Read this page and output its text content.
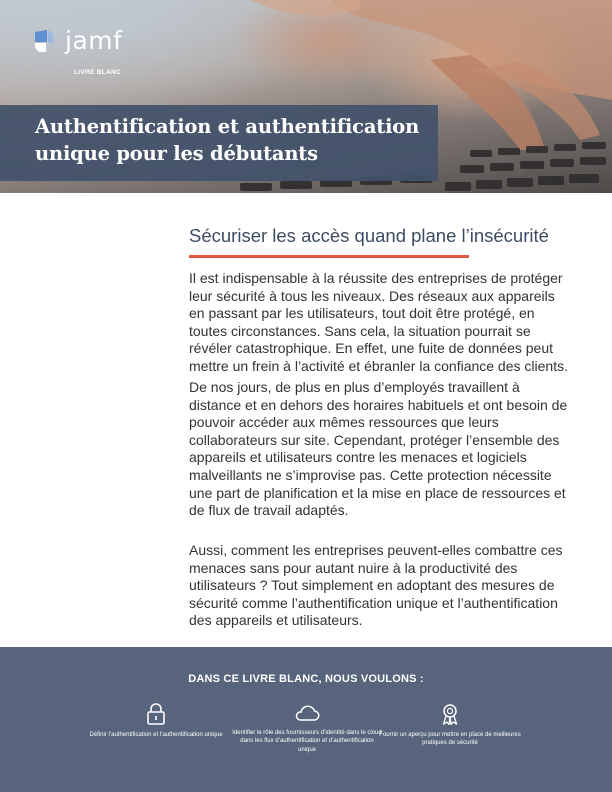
jamf
LIVRE BLANC
Authentification et authentification
unique pour les débutants
Sécuriser les accès quand plane l’insécurité

Il est indispensable à la réussite des entreprises de protéger leur sécurité à tous les niveaux. Des réseaux aux appareils en passant par les utilisateurs, tout doit être protégé, en toutes circonstances. Sans cela, la situation pourrait se révéler catastrophique. En effet, une fuite de données peut mettre un frein à l’activité et ébranler la confiance des clients.

De nos jours, de plus en plus d’employés travaillent à distance et en dehors des horaires habituels et ont besoin de pouvoir accéder aux mêmes ressources que leurs collaborateurs sur site. Cependant, protéger l’ensemble des appareils et utilisateurs contre les menaces et logiciels malveillants ne s’improvise pas. Cette protection nécessite une part de planification et la mise en place de ressources et de flux de travail adaptés.

Aussi, comment les entreprises peuvent-elles combattre ces menaces sans pour autant nuire à la productivité des utilisateurs ? Tout simplement en adoptant des mesures de sécurité comme l’authentification unique et l’authentification des appareils et utilisateurs.

DANS CE LIVRE BLANC, NOUS VOULONS :
Définir l’authentification et l’authentification unique	Identifier le rôle des fournisseurs d’identité dans le cloud dans les flux d’authentification et d’authentification unique
Fournir un aperçu pour mettre en place de meilleures pratiques de sécurité
